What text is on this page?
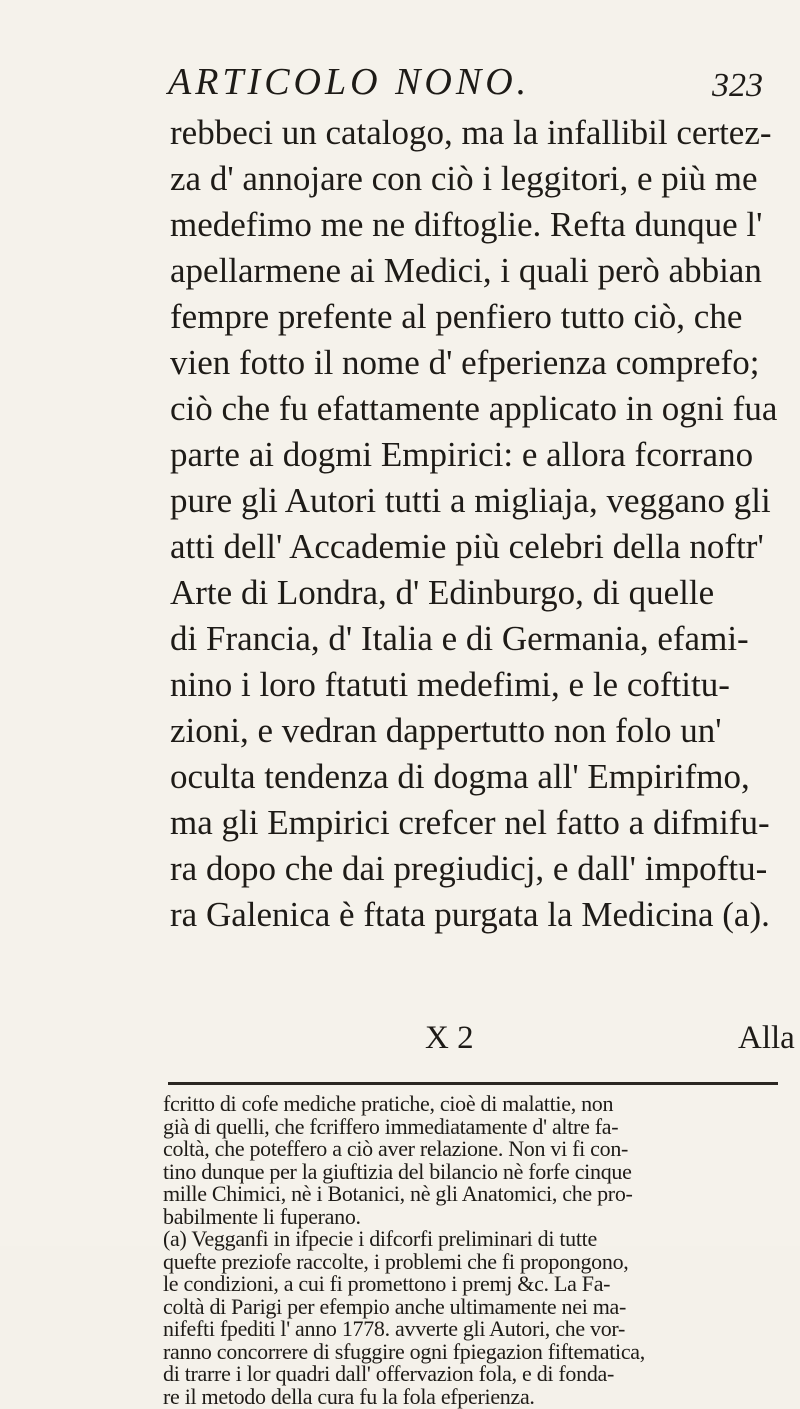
ARTICOLO NONO.	323
rebbeci un catalogo, ma la infallibil certez-
za d' annojare con ciò i leggitori, e più me
medefimo me ne diftoglie. Refta dunque l'
apellarmene ai Medici, i quali però abbian
fempre prefente al penfiero tutto ciò, che
vien fotto il nome d' efperienza comprefo;
ciò che fu efattamente applicato in ogni fua
parte ai dogmi Empirici: e allora fcorrano
pure gli Autori tutti a migliaja, veggano gli
atti dell' Accademie più celebri della noftr'
Arte di Londra, d' Edinburgo, di quelle
di Francia, d' Italia e di Germania, efami-
nino i loro ftatuti medefimi, e le coftitu-
zioni, e vedran dappertutto non folo un'
oculta tendenza di dogma all' Empirifmo,
ma gli Empirici crefcer nel fatto a difmifu-
ra dopo che dai pregiudicj, e dall' impoftu-
ra Galenica è ftata purgata la Medicina (a).
X 2	Alla
fcritto di cofe mediche pratiche, cioè di malattie, non
già di quelli, che fcriffero immediatamente d' altre fa-
coltà, che poteffero a ciò aver relazione. Non vi fi con-
tino dunque per la giuftizia del bilancio nè forfe cinque
mille Chimici, nè i Botanici, nè gli Anatomici, che pro-
babilmente li fuperano.
(a) Vegganfi in ifpecie i difcorfi preliminari di tutte
quefte preziofe raccolte, i problemi che fi propongono,
le condizioni, a cui fi promettono i premj &c. La Fa-
coltà di Parigi per efempio anche ultimamente nei ma-
nifefti fpediti l' anno 1778. avverte gli Autori, che vor-
ranno concorrere di sfuggire ogni fpiegazion fiftematica,
di trarre i lor quadri dall' offervazion fola, e di fonda-
re il metodo della cura fu la fola efperienza.
